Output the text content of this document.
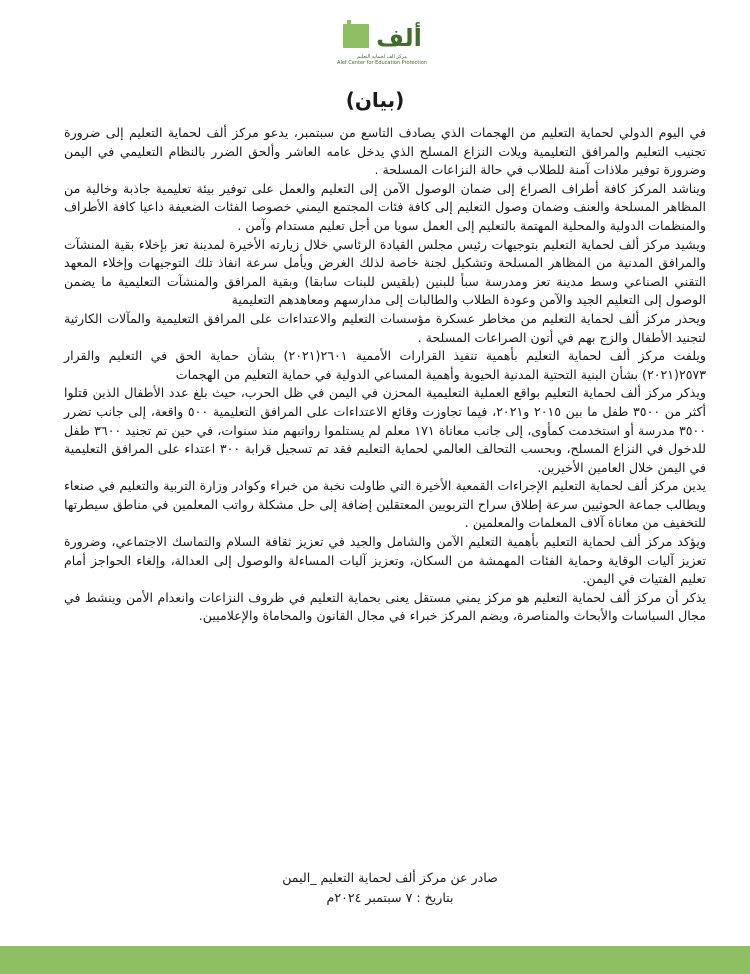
ألف
مركز ألف لحماية التعليم
Alef Center for Education Protection
(بيان)

في اليوم الدولي لحماية التعليم من الهجمات الذي يصادف التاسع من سبتمبر، يدعو مركز ألف لحماية التعليم إلى ضرورة تجنيب التعليم والمرافق التعليمية ويلات النزاع المسلح الذي يدخل عامه العاشر وألحق الضرر بالنظام التعليمي في اليمن وضرورة توفير ملاذات آمنة للطلاب في حالة النزاعات المسلحة .

ويناشد المركز كافة أطراف الصراع إلى ضمان الوصول الآمن إلى التعليم والعمل على توفير بيئة تعليمية جاذبة وخالية من المظاهر المسلحة والعنف وضمان وصول التعليم إلى كافة فئات المجتمع اليمني خصوصا الفئات الضعيفة داعيا كافة الأطراف والمنظمات الدولية والمحلية المهتمة بالتعليم إلى العمل سويا من أجل تعليم مستدام وآمن .

ويشيد مركز ألف لحماية التعليم بتوجيهات رئيس مجلس القيادة الرئاسي خلال زيارته الأخيرة لمدينة تعز بإخلاء بقية المنشآت والمرافق المدنية من المظاهر المسلحة وتشكيل لجنة خاصة لذلك الغرض ويأمل سرعة انفاذ تلك التوجيهات وإخلاء المعهد التقني الصناعي وسط مدينة تعز ومدرسة سبأ للبنين (بلقيس للبنات سابقا) وبقية المرافق والمنشآت التعليمية ما يضمن الوصول إلى التعليم الجيد والآمن وعودة الطلاب والطالبات إلى مدارسهم ومعاهدهم التعليمية

ويحذر مركز ألف لحماية التعليم من مخاطر عسكرة مؤسسات التعليم والاعتداءات على المرافق التعليمية والمآلات الكارثية لتجنيد الأطفال والزج بهم في أتون الصراعات المسلحة .

ويلفت مركز ألف لحماية التعليم بأهمية تنفيذ القرارات الأممية ٢٦٠١(٢٠٢١) بشأن حماية الحق في التعليم والقرار ٢٥٧٣(٢٠٢١) بشأن البنية التحتية المدنية الحيوية وأهمية المساعي الدولية في حماية التعليم من الهجمات

ويذكر مركز ألف لحماية التعليم بواقع العملية التعليمية المحزن في اليمن في ظل الحرب، حيث بلغ عدد الأطفال الذين قتلوا أكثر من ٣٥٠٠ طفل ما بين ٢٠١٥ و٢٠٢١، فيما تجاوزت وقائع الاعتداءات على المرافق التعليمية ٥٠٠ واقعة، إلى جانب تضرر ٣٥٠٠ مدرسة أو استخدمت كمأوى، إلى جانب معاناة ١٧١ معلم لم يستلموا رواتبهم منذ سنوات، في حين تم تجنيد ٣٦٠٠ طفل للدخول في النزاع المسلح، وبحسب التحالف العالمي لحماية التعليم فقد تم تسجيل قرابة ٣٠٠ اعتداء على المرافق التعليمية في اليمن خلال العامين الأخيرين.

يدين مركز ألف لحماية التعليم الإجراءات القمعية الأخيرة التي طاولت نخبة من خبراء وكوادر وزارة التربية والتعليم في صنعاء ويطالب جماعة الحوثيين سرعة إطلاق سراح التربويين المعتقلين إضافة إلى حل مشكلة رواتب المعلمين في مناطق سيطرتها للتخفيف من معاناة آلاف المعلمات والمعلمين .

ويؤكد مركز ألف لحماية التعليم بأهمية التعليم الآمن والشامل والجيد في تعزيز ثقافة السلام والتماسك الاجتماعي، وضرورة تعزيز آليات الوقاية وحماية الفئات المهمشة من السكان، وتعزيز آليات المساءلة والوصول إلى العدالة، وإلغاء الحواجز أمام تعليم الفتيات في اليمن.

يذكر أن مركز ألف لحماية التعليم هو مركز يمني مستقل يعنى بحماية التعليم في ظروف النزاعات وانعدام الأمن وينشط في مجال السياسات والأبحاث والمناصرة، ويضم المركز خبراء في مجال القانون والمحاماة والإعلاميين.

صادر عن مركز ألف لحماية التعليم _اليمن
بتاريخ : ٧ سبتمبر ٢٠٢٤م
